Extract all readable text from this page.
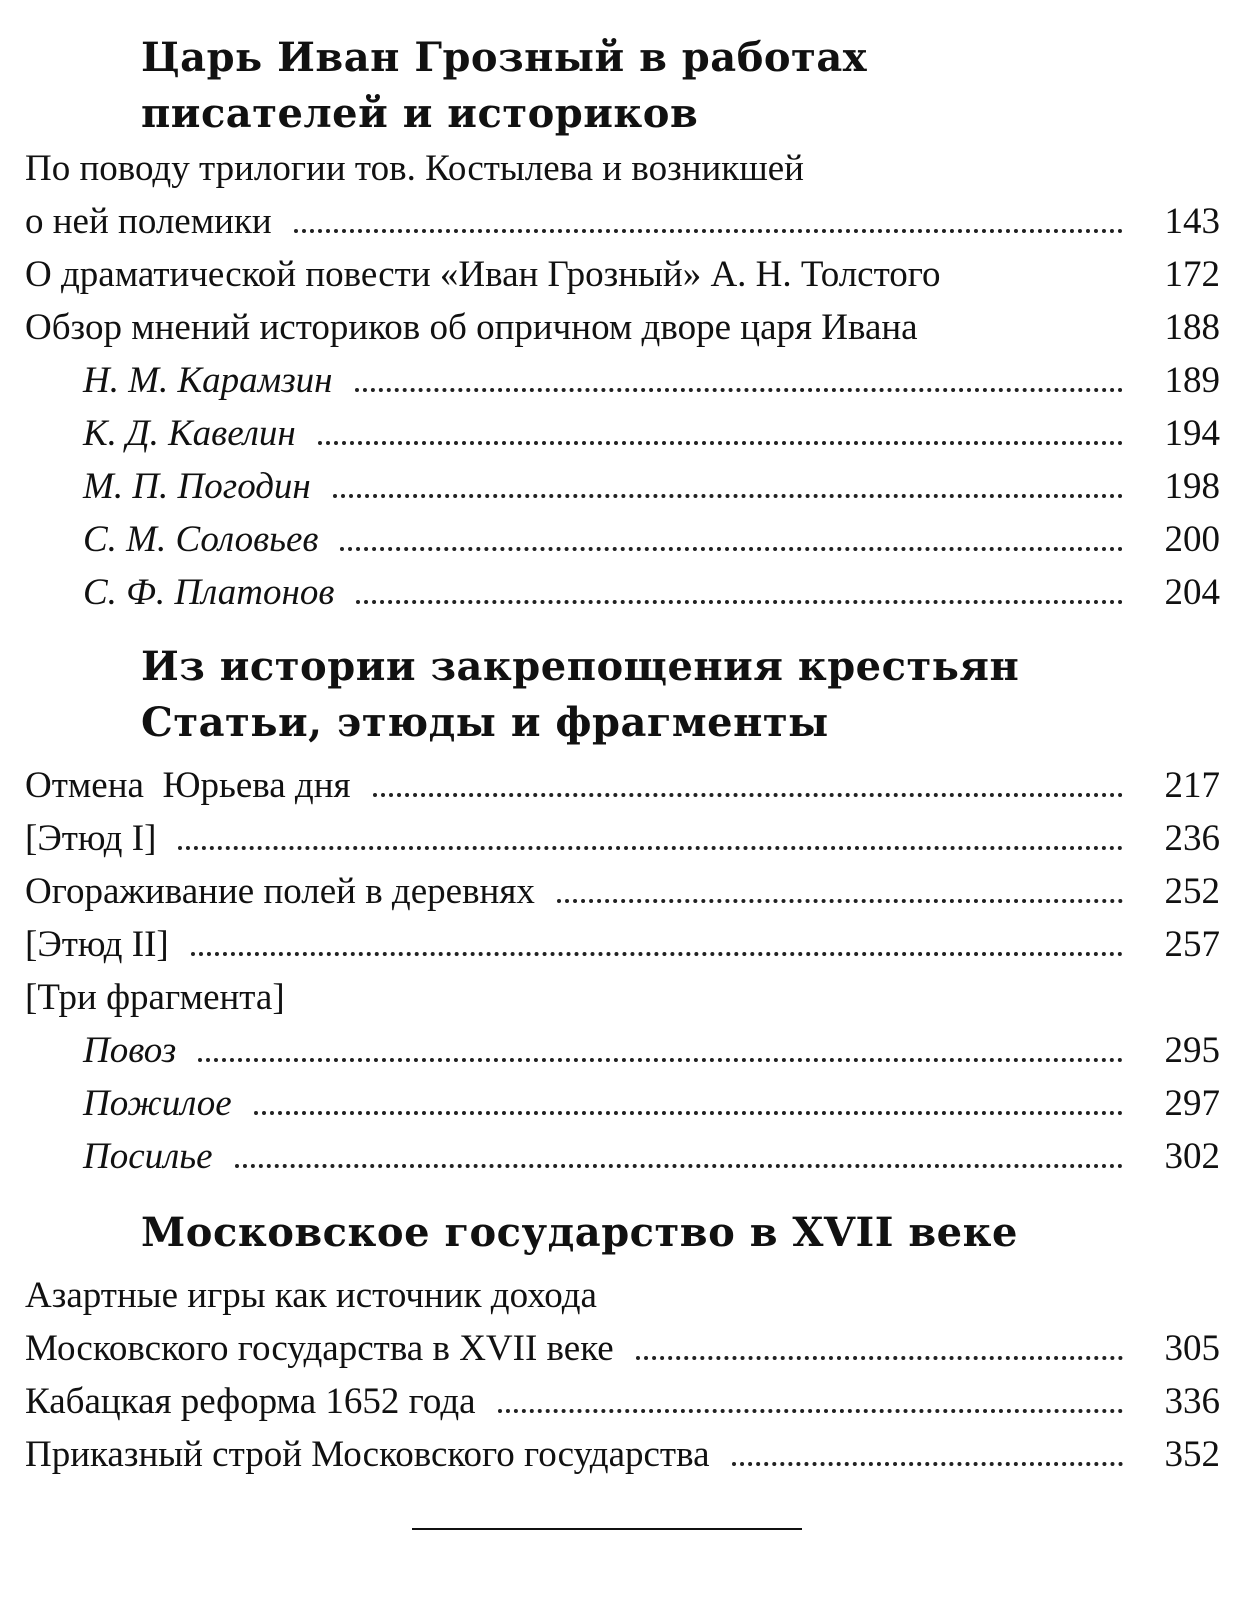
Царь Иван Грозный в работах
писателей и историков
По поводу трилогии тов. Костылева и возникшей
о ней полемики	143
О драматической повести «Иван Грозный» А. Н. Толстого	172
Обзор мнений историков об опричном дворе царя Ивана	188
Н. М. Карамзин	189
К. Д. Кавелин	194
М. П. Погодин	198
С. М. Соловьев	200
С. Ф. Платонов	204
Из истории закрепощения крестьян
Статьи, этюды и фрагменты
Отмена  Юрьева дня	217
[Этюд I]	236
Огораживание полей в деревнях	252
[Этюд II]	257
[Три фрагмента]
Повоз	295
Пожилое	297
Посилье	302
Московское государство в XVII веке
Азартные игры как источник дохода
Московского государства в XVII веке	305
Кабацкая реформа 1652 года	336
Приказный строй Московского государства	352
